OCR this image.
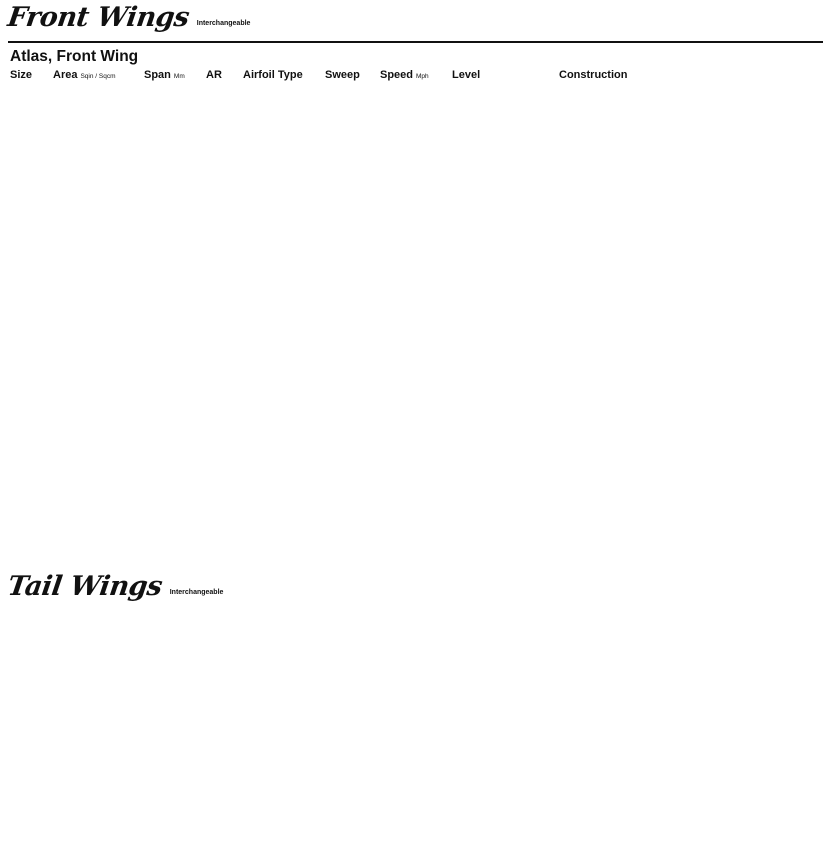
Front Wings Interchangeable
Atlas, Front Wing
Size Area Sqin / Sqcm	Span Mm AR Airfoil Type Sweep Speed Mph Level	Construction
Tail Wings Interchangeable
